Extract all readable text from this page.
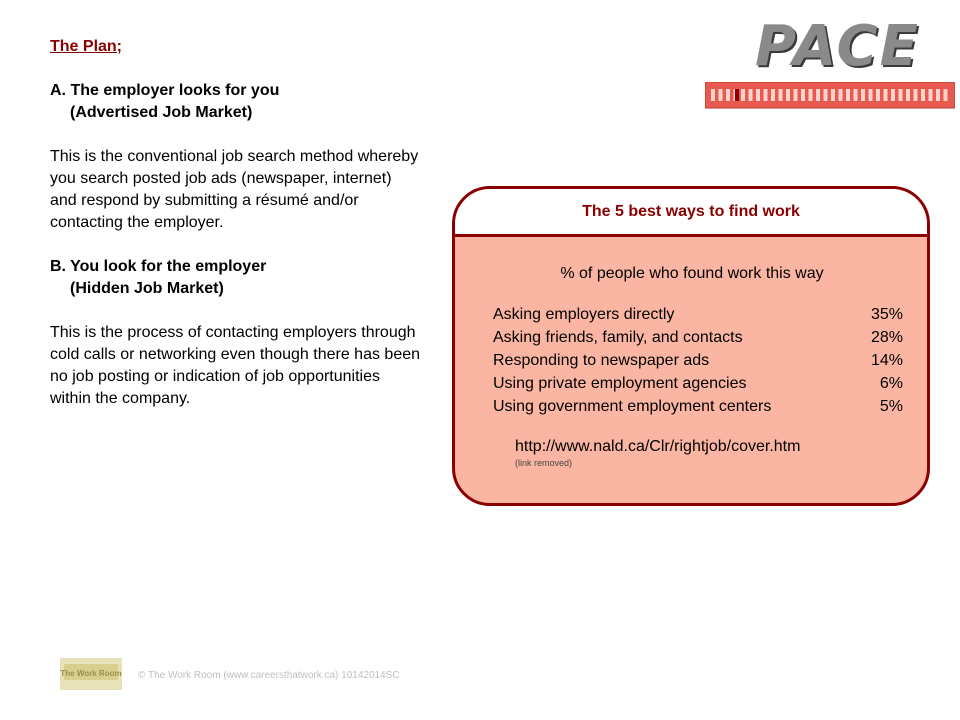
The Plan;
A. The employer looks for you
(Advertised Job Market)
This is the conventional job search method whereby you search posted job ads (newspaper, internet) and respond by submitting a résumé and/or contacting the employer.
B. You look for the employer
(Hidden Job Market)
This is the process of contacting employers through cold calls or networking even though there has been no job posting or indication of job opportunities within the company.
PACE
The 5 best ways to find work
% of people who found work this way
Asking employers directly	35%
Asking friends, family, and contacts	28%
Responding to newspaper ads	14%
Using private employment agencies	6%
Using government employment centers	5%
http://www.nald.ca/Clr/rightjob/cover.htm
(link removed)
The Work Room © The Work Room (www.careersthatwork.ca) 10142014SC
